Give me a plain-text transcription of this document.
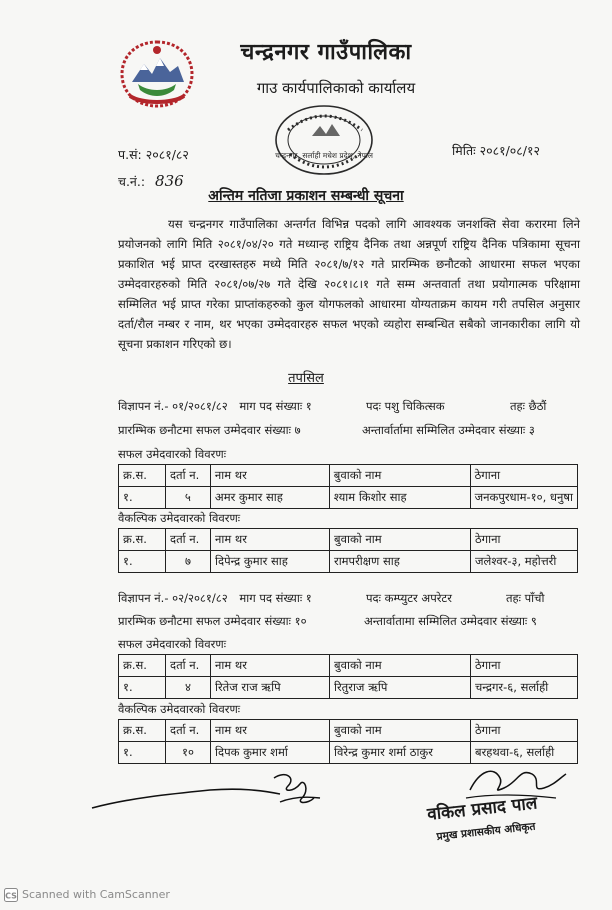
चन्द्रनगर गाउँपालिका
गाउ कार्यपालिकाको कार्यालय
चन्द्रनगर, सर्लाही मधेश प्रदेश, नेपाल
प.सं: २०८१/८२
च.नं.: 836
मितिः २०८१/०८/१२
अन्तिम नतिजा प्रकाशन सम्बन्धी सूचना

यस चन्द्रनगर गाउँपालिका अन्तर्गत विभिन्न पदको लागि आवश्यक जनशक्ति सेवा करारमा लिने प्रयोजनको लागि मिति २०८१/०४/२० गते मध्यान्ह राष्ट्रिय दैनिक तथा अन्नपूर्ण राष्ट्रिय दैनिक पत्रिकामा सूचना प्रकाशित भई प्राप्त दरखास्तहरु मध्ये मिति २०८१/७/१२ गते प्रारम्भिक छनौटको आधारमा सफल भएका उम्मेदवारहरुको मिति २०८१/०७/२७ गते देखि २०८१।८।१ गते सम्म अन्तवार्ता तथा प्रयोगात्मक परिक्षामा सम्मिलित भई प्राप्त गरेका प्राप्तांकहरुको कुल योगफलको आधारमा योग्यताक्रम कायम गरी तपसिल अनुसार दर्ता/रौल नम्बर र नाम, थर भएका उम्मेदवारहरु सफल भएको व्यहोरा सम्बन्धित सबैको जानकारीका लागि यो सूचना प्रकाशन गरिएको छ।

तपसिल
विज्ञापन नं.- ०१/२०८१/८२ माग पद संख्याः १	पदः पशु चिकित्सक	तहः छैठौं
प्रारम्भिक छनौटमा सफल उम्मेदवार संख्याः ७	अन्तार्वार्तामा सम्मिलित उम्मेदवार संख्याः ३
सफल उमेदवारको विवरणः
क्र.स.	दर्ता न.	नाम थर	बुवाको नाम	ठेगाना
१.	५	अमर कुमार साह	श्याम किशोर साह	जनकपुरधाम-१०, धनुषा
वैकल्पिक उमेदवारको विवरणः
क्र.स.	दर्ता न.	नाम थर	बुवाको नाम	ठेगाना
१.	७	दिपेन्द्र कुमार साह	रामपरीक्षण साह	जलेश्वर-३, महोत्तरी
विज्ञापन नं.- ०२/२०८१/८२ माग पद संख्याः १	पदः कम्प्युटर अपरेटर	तहः पाँचौ
प्रारम्भिक छनौटमा सफल उम्मेदवार संख्याः १०	अन्तार्वातामा सम्मिलित उम्मेदवार संख्याः ९
सफल उमेदवारको विवरणः
क्र.स.	दर्ता न.	नाम थर	बुवाको नाम	ठेगाना
१.	४	रितेज राज ऋपि	रितुराज ऋपि	चन्द्रगर-६, सर्लाही
वैकल्पिक उमेदवारको विवरणः
क्र.स.	दर्ता न.	नाम थर	बुवाको नाम	ठेगाना
१.	१०	दिपक कुमार शर्मा	विरेन्द्र कुमार शर्मा ठाकुर	बरहथवा-६, सर्लाही
वकिल प्रसाद पाल
प्रमुख प्रशासकीय अधिकृत
CS Scanned with CamScanner
